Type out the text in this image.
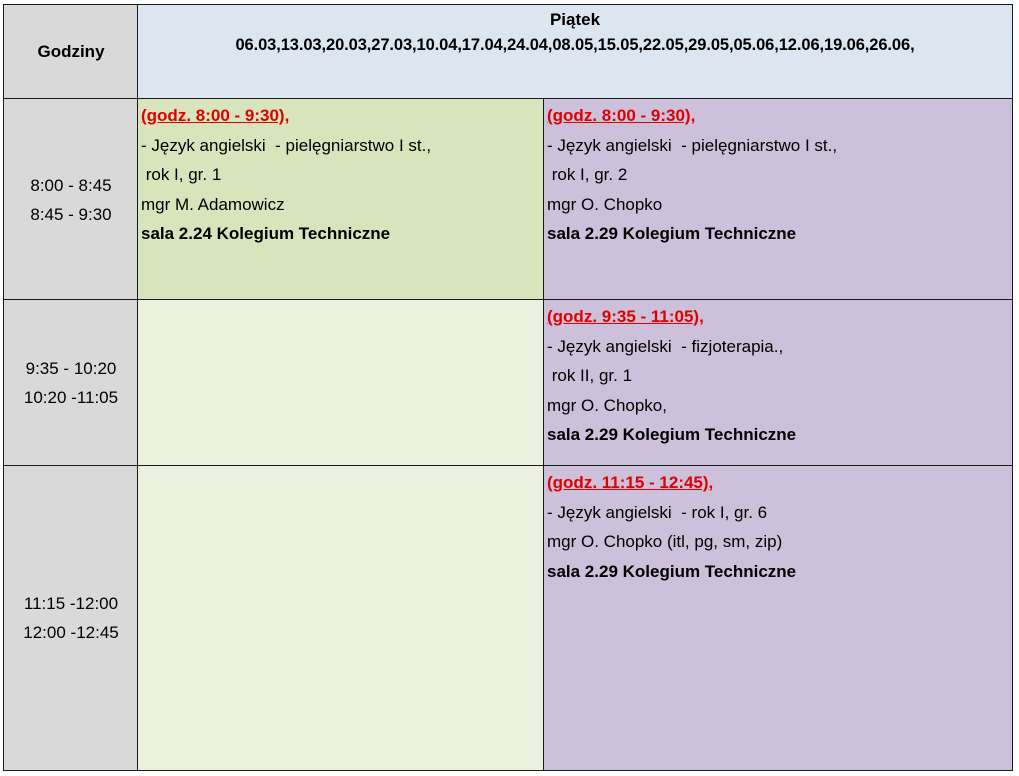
Godziny
Piątek
06.03,13.03,20.03,27.03,10.04,17.04,24.04,08.05,15.05,22.05,29.05,05.06,12.06,19.06,26.06,
8:00 - 8:45
8:45 - 9:30
(godz. 8:00 - 9:30),
- Język angielski  - pielęgniarstwo I st.,
rok I, gr. 1
mgr M. Adamowicz
sala 2.24 Kolegium Techniczne
(godz. 8:00 - 9:30),
- Język angielski  - pielęgniarstwo I st.,
rok I, gr. 2
mgr O. Chopko
sala 2.29 Kolegium Techniczne
9:35 - 10:20
10:20 -11:05
(godz. 9:35 - 11:05),
- Język angielski  - fizjoterapia.,
rok II, gr. 1
mgr O. Chopko,
sala 2.29 Kolegium Techniczne
11:15 -12:00
12:00 -12:45
(godz. 11:15 - 12:45),
- Język angielski  - rok I, gr. 6
mgr O. Chopko (itl, pg, sm, zip)
sala 2.29 Kolegium Techniczne
